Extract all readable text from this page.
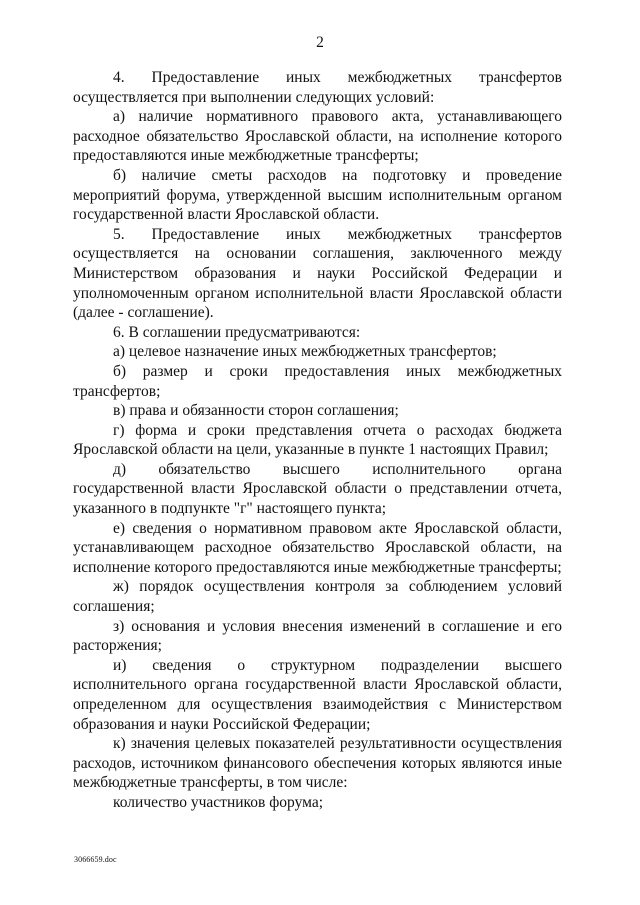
2

4. Предоставление иных межбюджетных трансфертов осуществляется при выполнении следующих условий:

а) наличие нормативного правового акта, устанавливающего расходное обязательство Ярославской области, на исполнение которого предоставляются иные межбюджетные трансферты;

б) наличие сметы расходов на подготовку и проведение мероприятий форума, утвержденной высшим исполнительным органом государственной власти Ярославской области.

5. Предоставление иных межбюджетных трансфертов осуществляется на основании соглашения, заключенного между Министерством образования и науки Российской Федерации и уполномоченным органом исполнительной власти Ярославской области (далее - соглашение).

6. В соглашении предусматриваются:

а) целевое назначение иных межбюджетных трансфертов;

б) размер и сроки предоставления иных межбюджетных трансфертов;

в) права и обязанности сторон соглашения;

г) форма и сроки представления отчета о расходах бюджета Ярославской области на цели, указанные в пункте 1 настоящих Правил;

д) обязательство высшего исполнительного органа государственной власти Ярославской области о представлении отчета, указанного в подпункте "г" настоящего пункта;

е) сведения о нормативном правовом акте Ярославской области, устанавливающем расходное обязательство Ярославской области, на исполнение которого предоставляются иные межбюджетные трансферты;

ж) порядок осуществления контроля за соблюдением условий соглашения;

з) основания и условия внесения изменений в соглашение и его расторжения;

и) сведения о структурном подразделении высшего исполнительного органа государственной власти Ярославской области, определенном для осуществления взаимодействия с Министерством образования и науки Российской Федерации;

к) значения целевых показателей результативности осуществления расходов, источником финансового обеспечения которых являются иные межбюджетные трансферты, в том числе:

количество участников форума;

3066659.doc
